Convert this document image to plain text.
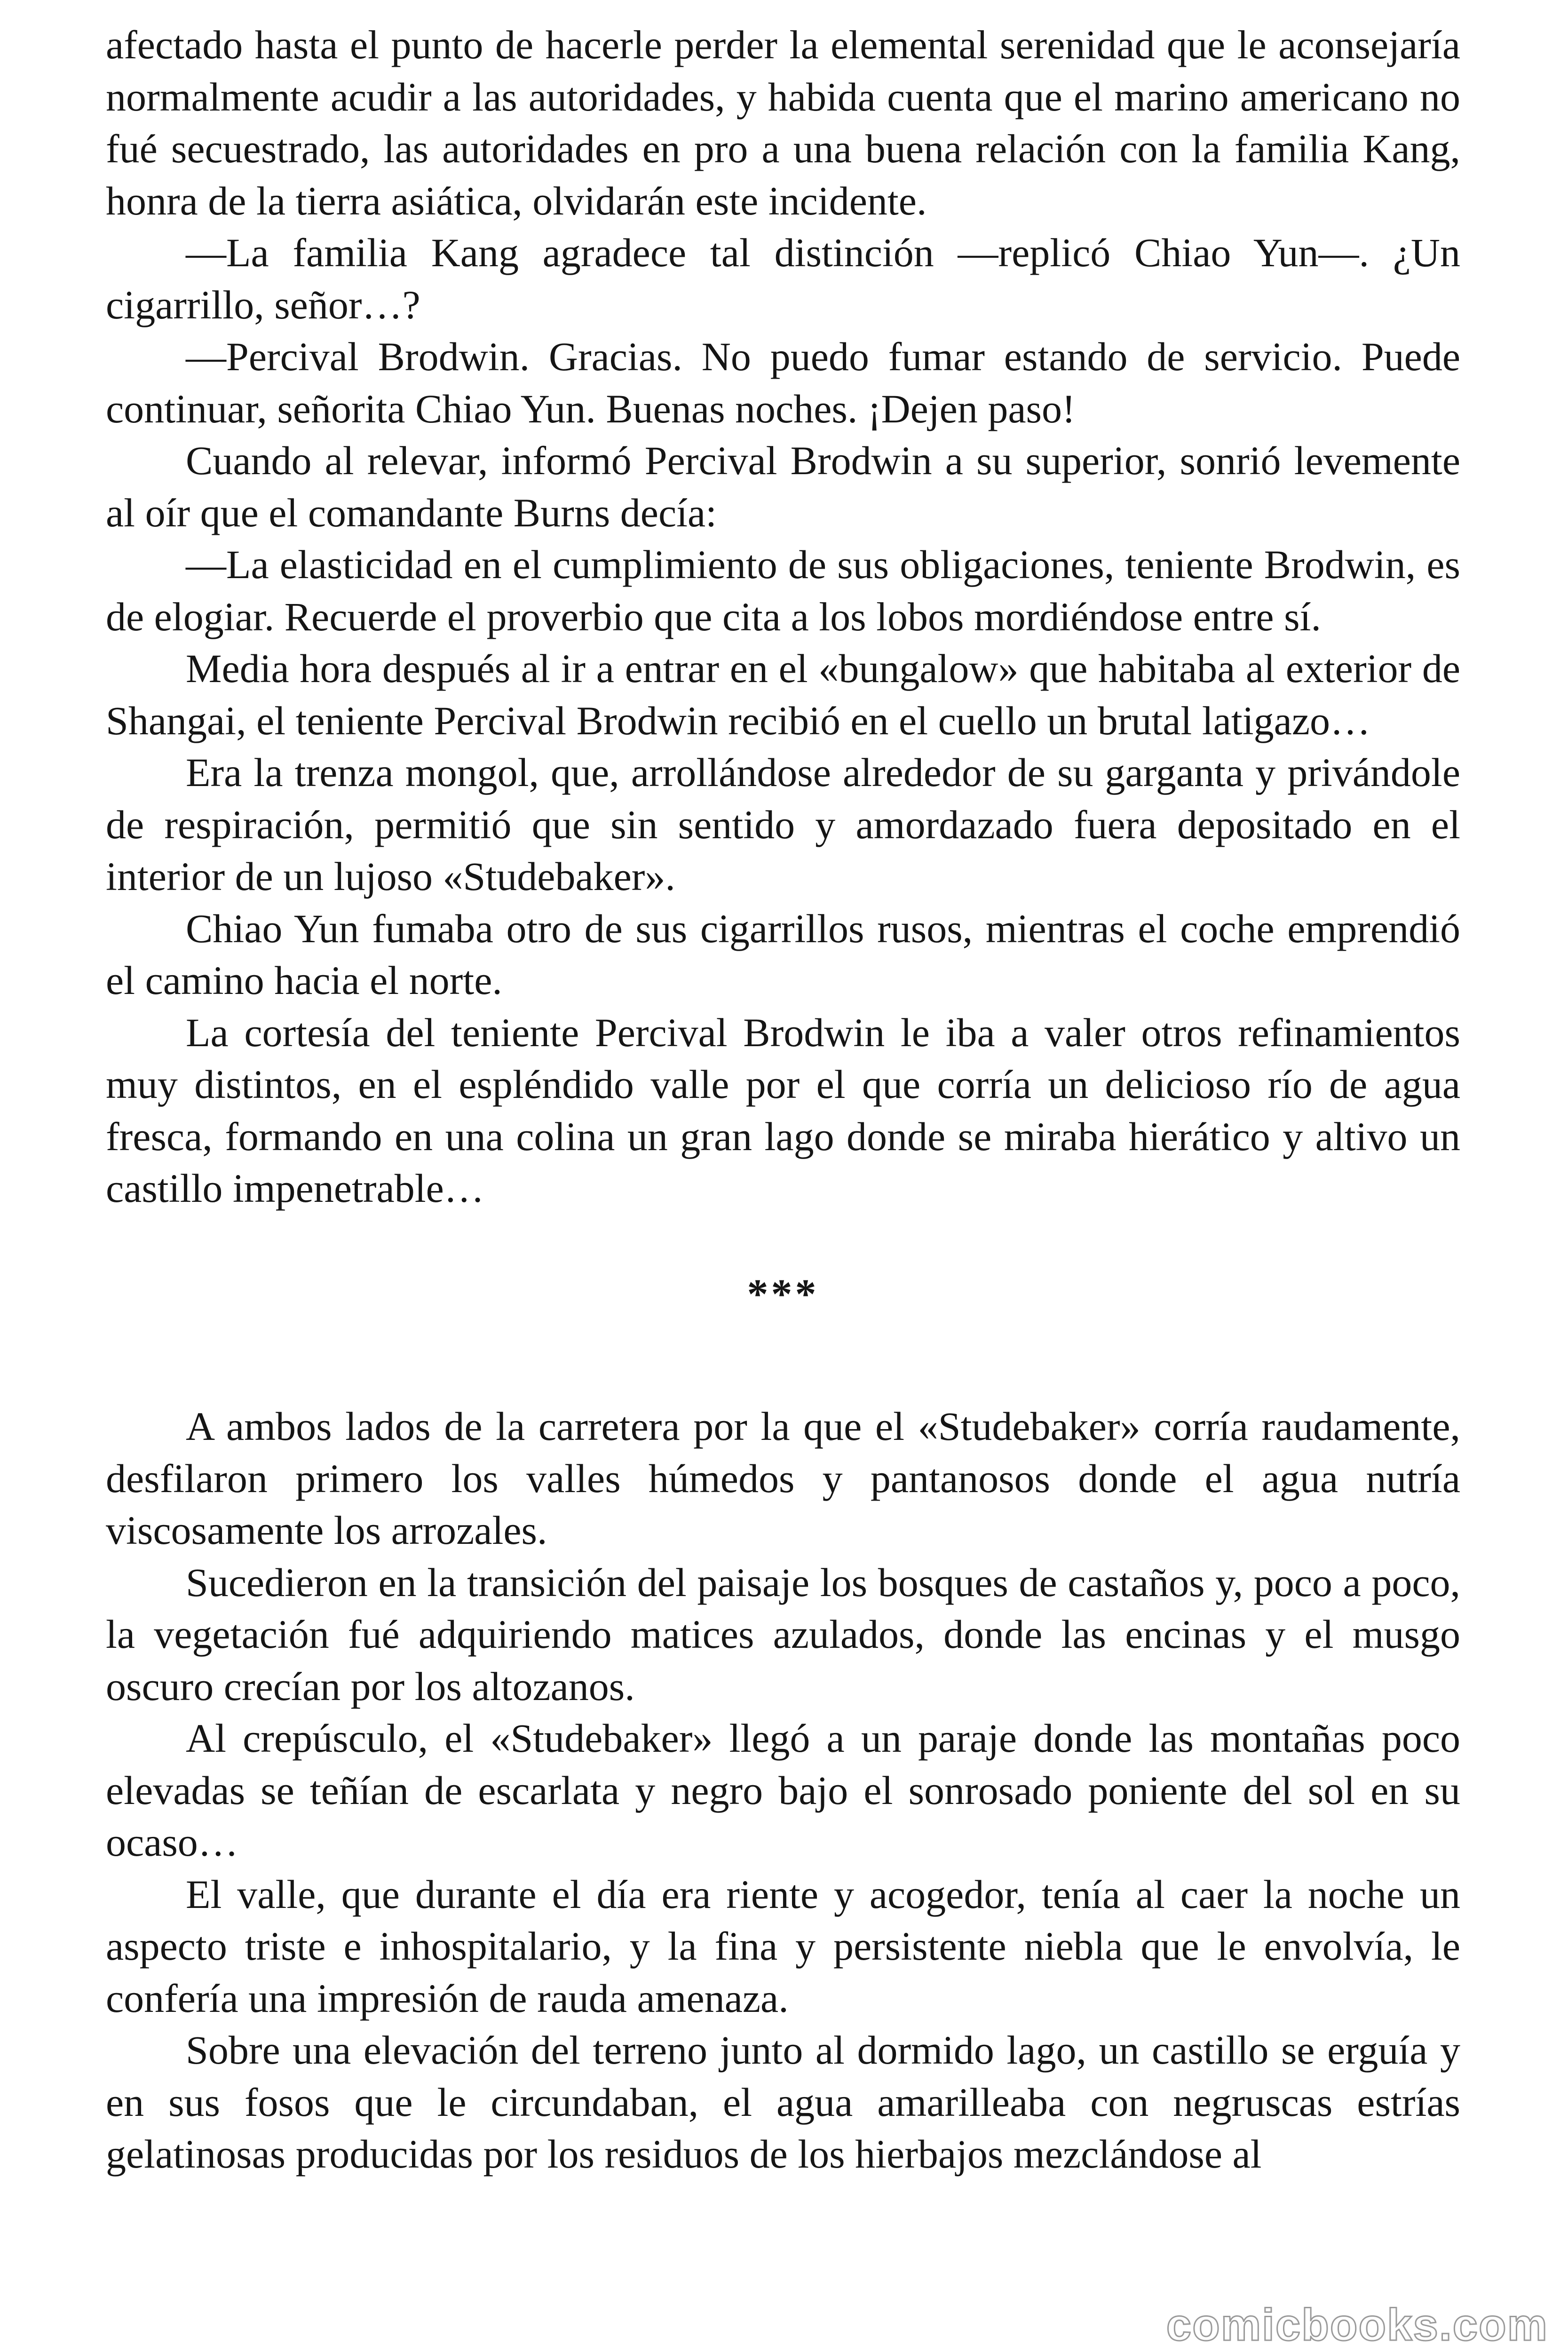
afectado hasta el punto de hacerle perder la elemental serenidad que le aconsejaría normalmente acudir a las autoridades, y habida cuenta que el marino americano no fué secuestrado, las autoridades en pro a una buena relación con la familia Kang, honra de la tierra asiática, olvidarán este incidente.

—La familia Kang agradece tal distinción —replicó Chiao Yun—. ¿Un cigarrillo, señor…?

—Percival Brodwin. Gracias. No puedo fumar estando de servicio. Puede continuar, señorita Chiao Yun. Buenas noches. ¡Dejen paso!

Cuando al relevar, informó Percival Brodwin a su superior, sonrió levemente al oír que el comandante Burns decía:

—La elasticidad en el cumplimiento de sus obligaciones, teniente Brodwin, es de elogiar. Recuerde el proverbio que cita a los lobos mordiéndose entre sí.

Media hora después al ir a entrar en el «bungalow» que habitaba al exterior de Shangai, el teniente Percival Brodwin recibió en el cuello un brutal latigazo…

Era la trenza mongol, que, arrollándose alrededor de su garganta y privándole de respiración, permitió que sin sentido y amordazado fuera depositado en el interior de un lujoso «Studebaker».

Chiao Yun fumaba otro de sus cigarrillos rusos, mientras el coche emprendió el camino hacia el norte.

La cortesía del teniente Percival Brodwin le iba a valer otros refinamientos muy distintos, en el espléndido valle por el que corría un delicioso río de agua fresca, formando en una colina un gran lago donde se miraba hierático y altivo un castillo impenetrable…

***

A ambos lados de la carretera por la que el «Studebaker» corría raudamente, desfilaron primero los valles húmedos y pantanosos donde el agua nutría viscosamente los arrozales.

Sucedieron en la transición del paisaje los bosques de castaños y, poco a poco, la vegetación fué adquiriendo matices azulados, donde las encinas y el musgo oscuro crecían por los altozanos.

Al crepúsculo, el «Studebaker» llegó a un paraje donde las montañas poco elevadas se teñían de escarlata y negro bajo el sonrosado poniente del sol en su ocaso…

El valle, que durante el día era riente y acogedor, tenía al caer la noche un aspecto triste e inhospitalario, y la fina y persistente niebla que le envolvía, le confería una impresión de rauda amenaza.

Sobre una elevación del terreno junto al dormido lago, un castillo se erguía y en sus fosos que le circundaban, el agua amarilleaba con negruscas estrías gelatinosas producidas por los residuos de los hierbajos mezclándose al

comicbooks.com
